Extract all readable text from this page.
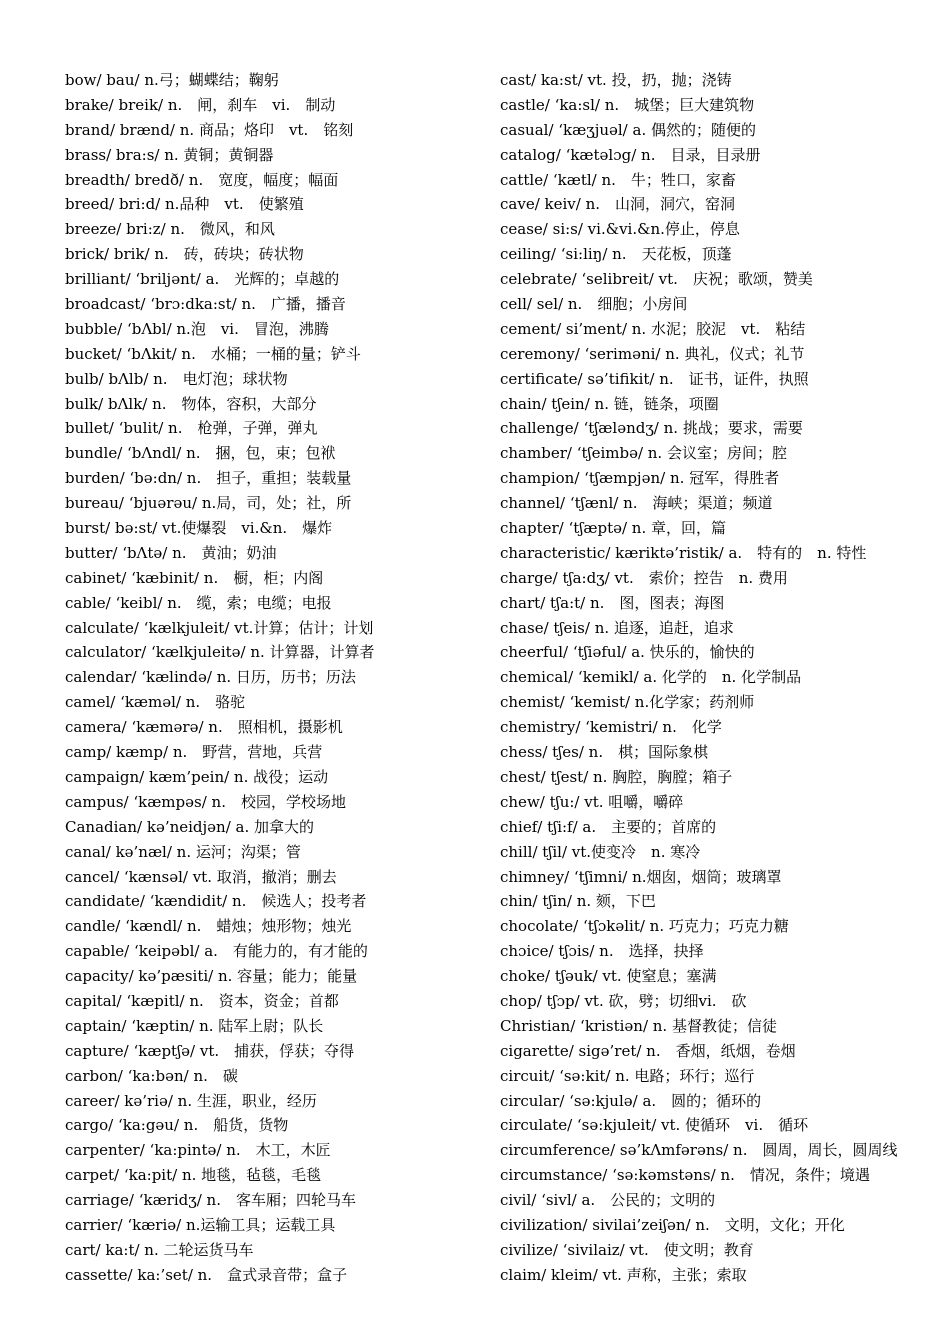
bow/ bau/ n.弓；蝴蝶结；鞠躬
brake/ breik/ n.　闸，刹车　vi.　制动
brand/ brænd/ n. 商品；烙印　vt.　铭刻
brass/ bra:s/ n. 黄铜；黄铜器
breadth/ bredð/ n.　宽度，幅度；幅面
breed/ bri:d/ n.品种　vt.　使繁殖
breeze/ bri:z/ n.　微风，和风
brick/ brik/ n.　砖，砖块；砖状物
brilliant/ ‘briljənt/ a.　光辉的；卓越的
broadcast/ ‘brɔ:dka:st/ n.　广播，播音
bubble/ ‘bΛbl/ n.泡　vi.　冒泡，沸腾
bucket/ ‘bΛkit/ n.　水桶；一桶的量；铲斗
bulb/ bΛlb/ n.　电灯泡；球状物
bulk/ bΛlk/ n.　物体，容积，大部分
bullet/ ‘bulit/ n.　枪弹，子弹，弹丸
bundle/ ‘bΛndl/ n.　捆，包，束；包袱
burden/ ‘bə:dn/ n.　担子，重担；装载量
bureau/ ‘bjuərəu/ n.局，司，处；社，所
burst/ bə:st/ vt.使爆裂　vi.&n.　爆炸
butter/ ‘bΛtə/ n.　黄油；奶油
cabinet/ ‘kæbinit/ n.　橱，柜；内阁
cable/ ‘keibl/ n.　缆，索；电缆；电报
calculate/ ‘kælkjuleit/ vt.计算；估计；计划
calculator/ ‘kælkjuleitə/ n. 计算器，计算者
calendar/ ‘kælində/ n. 日历，历书；历法
camel/ ‘kæməl/ n.　骆驼
camera/ ‘kæmərə/ n.　照相机，摄影机
camp/ kæmp/ n.　野营，营地，兵营
campaign/ kæm’pein/ n. 战役；运动
campus/ ‘kæmpəs/ n.　校园，学校场地
Canadian/ kə’neidjən/ a. 加拿大的
canal/ kə’næl/ n. 运河；沟渠；管
cancel/ ‘kænsəl/ vt. 取消，撤消；删去
candidate/ ‘kændidit/ n.　候选人；投考者
candle/ ‘kændl/ n.　蜡烛；烛形物；烛光
capable/ ‘keipəbl/ a.　有能力的，有才能的
capacity/ kə’pæsiti/ n. 容量；能力；能量
capital/ ‘kæpitl/ n.　资本，资金；首都
captain/ ‘kæptin/ n. 陆军上尉；队长
capture/ ‘kæptʃə/ vt.　捕获，俘获；夺得
carbon/ ‘ka:bən/ n.　碳
career/ kə’riə/ n. 生涯，职业，经历
cargo/ ‘ka:gəu/ n.　船货，货物
carpenter/ ‘ka:pintə/ n.　木工，木匠
carpet/ ‘ka:pit/ n. 地毯，毡毯，毛毯
carriage/ ‘kæridʒ/ n.　客车厢；四轮马车
carrier/ ‘kæriə/ n.运输工具；运载工具
cart/ ka:t/ n. 二轮运货马车
cassette/ ka:’set/ n.　盒式录音带；盒子
cast/ ka:st/ vt. 投，扔，抛；浇铸
castle/ ‘ka:sl/ n.　城堡；巨大建筑物
casual/ ‘kæʒjuəl/ a. 偶然的；随便的
catalog/ ‘kætəlɔg/ n.　目录，目录册
cattle/ ‘kætl/ n.　牛；牲口，家畜
cave/ keiv/ n.　山洞，洞穴，窑洞
cease/ si:s/ vi.&vi.&n.停止，停息
ceiling/ ‘si:liŋ/ n.　天花板，顶蓬
celebrate/ ‘selibreit/ vt.　庆祝；歌颂，赞美
cell/ sel/ n.　细胞；小房间
cement/ si’ment/ n. 水泥；胶泥　vt.　粘结
ceremony/ ‘seriməni/ n. 典礼，仪式；礼节
certificate/ sə’tifikit/ n.　证书，证件，执照
chain/ tʃein/ n. 链，链条，项圈
challenge/ ‘tʃæləndʒ/ n. 挑战；要求，需要
chamber/ ‘tʃeimbə/ n. 会议室；房间；腔
champion/ ‘tʃæmpjən/ n. 冠军，得胜者
channel/ ‘tʃænl/ n.　海峡；渠道；频道
chapter/ ‘tʃæptə/ n. 章，回，篇
characteristic/ kæriktə’ristik/ a.　特有的　n. 特性
charge/ tʃa:dʒ/ vt.　索价；控告　n. 费用
chart/ tʃa:t/ n.　图，图表；海图
chase/ tʃeis/ n. 追逐，追赶，追求
cheerful/ ‘tʃiəful/ a. 快乐的，愉快的
chemical/ ‘kemikl/ a. 化学的　n. 化学制品
chemist/ ‘kemist/ n.化学家；药剂师
chemistry/ ‘kemistri/ n.　化学
chess/ tʃes/ n.　棋；国际象棋
chest/ tʃest/ n. 胸腔，胸膛；箱子
chew/ tʃu:/ vt. 咀嚼，嚼碎
chief/ tʃi:f/ a.　主要的；首席的
chill/ tʃil/ vt.使变冷　n. 寒冷
chimney/ ‘tʃimni/ n.烟囱，烟筒；玻璃罩
chin/ tʃin/ n. 颏，下巴
chocolate/ ‘tʃɔkəlit/ n. 巧克力；巧克力糖
chɔice/ tʃɔis/ n.　选择，抉择
choke/ tʃəuk/ vt. 使窒息；塞满
chop/ tʃɔp/ vt. 砍，劈；切细vi.　砍
Christian/ ‘kristiən/ n. 基督教徒；信徒
cigarette/ sigə’ret/ n.　香烟，纸烟，卷烟
circuit/ ‘sə:kit/ n. 电路；环行；巡行
circular/ ‘sə:kjulə/ a.　圆的；循环的
circulate/ ‘sə:kjuleit/ vt. 使循环　vi.　循环
circumference/ sə’kΛmfərəns/ n.　圆周，周长，圆周线
circumstance/ ‘sə:kəmstəns/ n.　情况，条件；境遇
civil/ ‘sivl/ a.　公民的；文明的
civilization/ sivilai’zeiʃən/ n.　文明，文化；开化
civilize/ ‘sivilaiz/ vt.　使文明；教育
claim/ kleim/ vt. 声称，主张；索取
